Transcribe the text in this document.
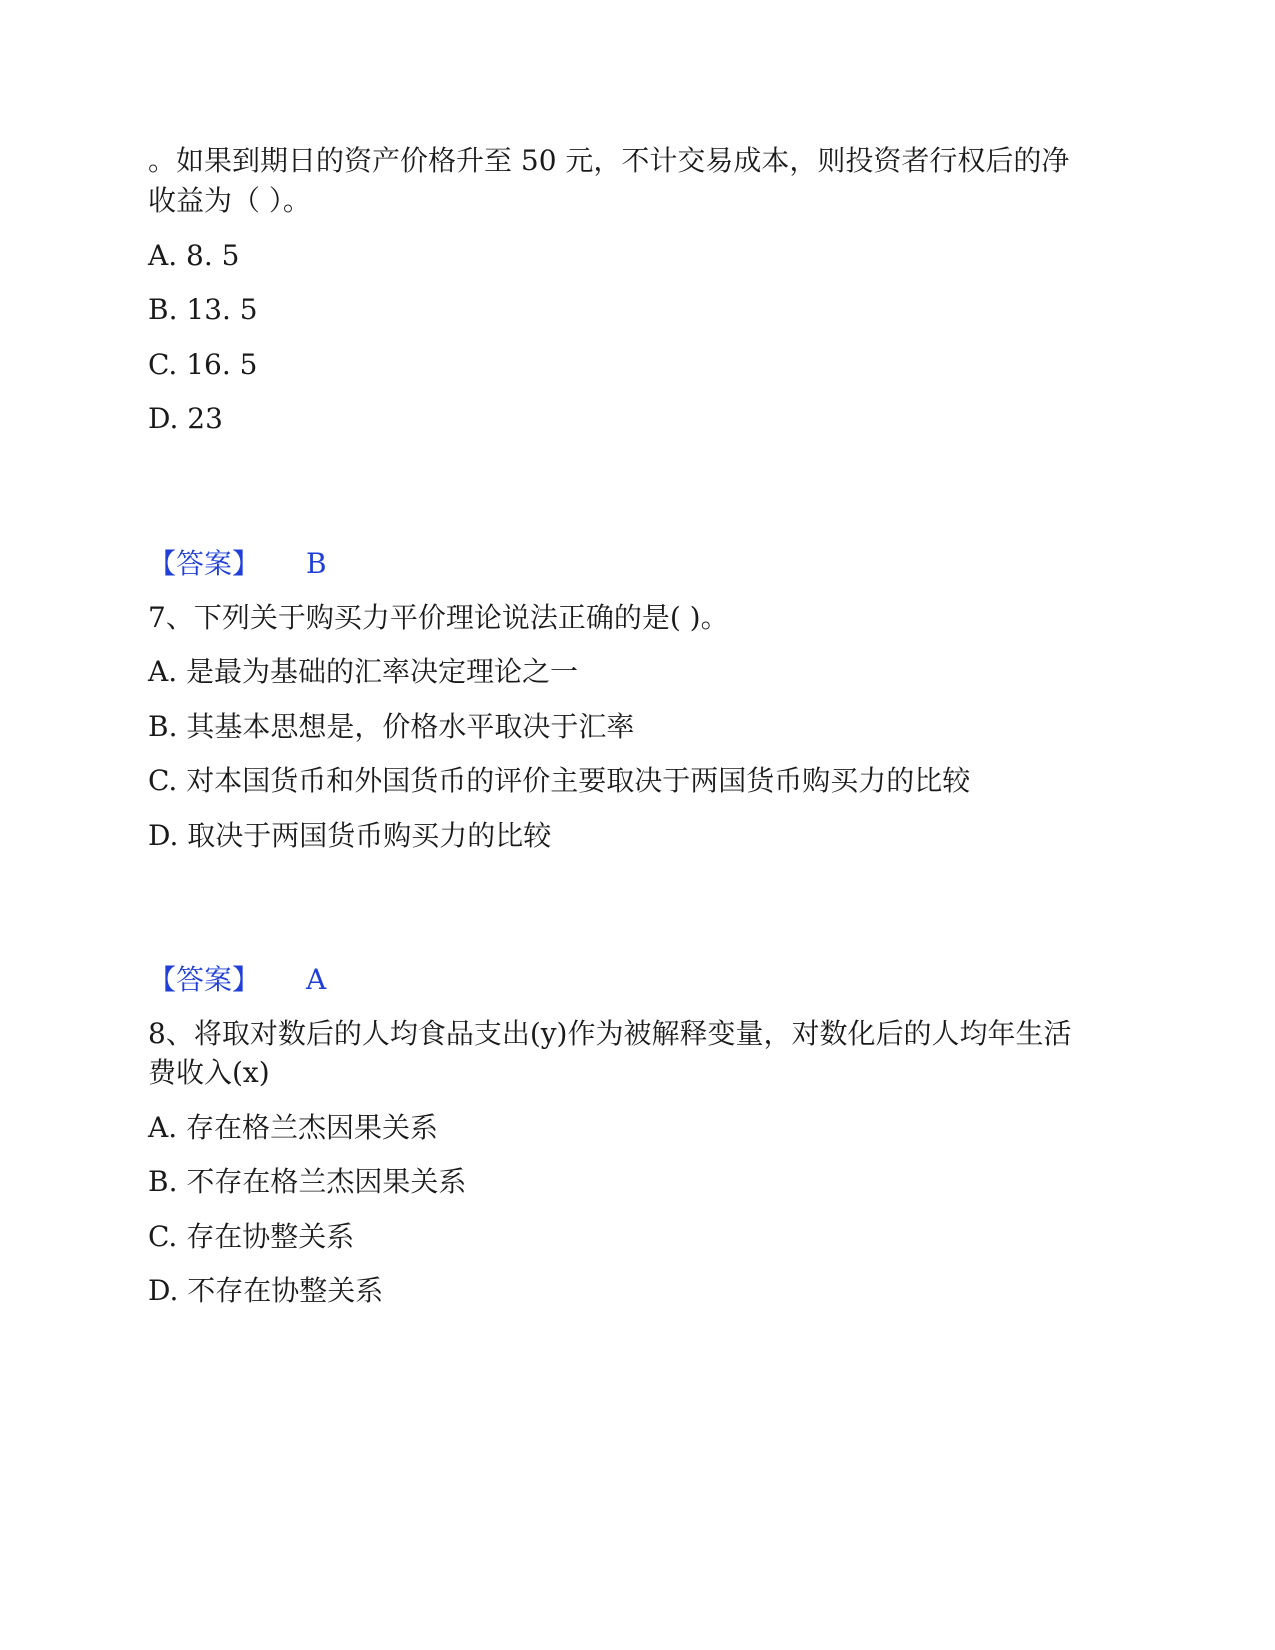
。如果到期日的资产价格升至 50 元，不计交易成本，则投资者行权后的净
收益为（ ）。
A. 8. 5
B. 13. 5
C. 16. 5
D. 23
【答案】 B
7、下列关于购买力平价理论说法正确的是( )。
A. 是最为基础的汇率决定理论之一
B. 其基本思想是，价格水平取决于汇率
C. 对本国货币和外国货币的评价主要取决于两国货币购买力的比较
D. 取决于两国货币购买力的比较
【答案】 A
8、将取对数后的人均食品支出(y)作为被解释变量，对数化后的人均年生活
费收入(x)
A. 存在格兰杰因果关系
B. 不存在格兰杰因果关系
C. 存在协整关系
D. 不存在协整关系
